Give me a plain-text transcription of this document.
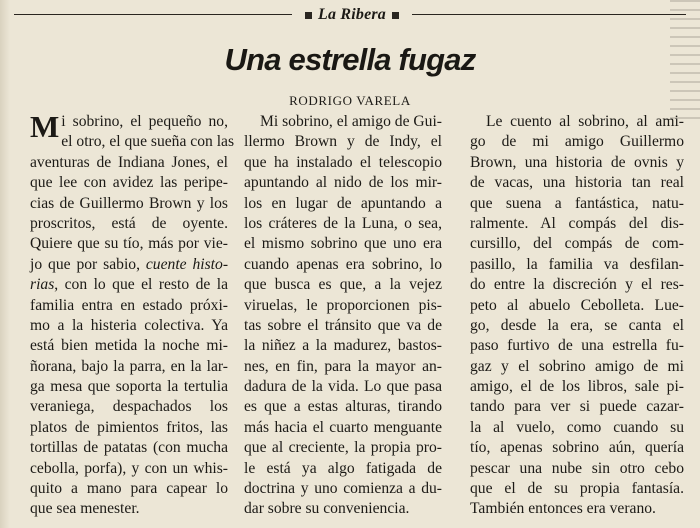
La Ribera
Una estrella fugaz
RODRIGO VARELA
M i sobrino, el pequeño no,
el otro, el que sueña con las
aventuras de Indiana Jones, el
que lee con avidez las peripe-
cias de Guillermo Brown y los
proscritos, está de oyente.
Quiere que su tío, más por vie-
jo que por sabio, cuente histo-
rias, con lo que el resto de la
familia entra en estado próxi-
mo a la histeria colectiva. Ya
está bien metida la noche mi-
ñorana, bajo la parra, en la lar-
ga mesa que soporta la tertulia
veraniega, despachados los
platos de pimientos fritos, las
tortillas de patatas (con mucha
cebolla, porfa), y con un whis-
quito a mano para capear lo
que sea menester.
Mi sobrino, el amigo de Gui-
llermo Brown y de Indy, el
que ha instalado el telescopio
apuntando al nido de los mir-
los en lugar de apuntando a
los cráteres de la Luna, o sea,
el mismo sobrino que uno era
cuando apenas era sobrino, lo
que busca es que, a la vejez
viruelas, le proporcionen pis-
tas sobre el tránsito que va de
la niñez a la madurez, bastos-
nes, en fin, para la mayor an-
dadura de la vida. Lo que pasa
es que a estas alturas, tirando
más hacia el cuarto menguante
que al creciente, la propia pro-
le está ya algo fatigada de
doctrina y uno comienza a du-
dar sobre su conveniencia.
Le cuento al sobrino, al ami-
go de mi amigo Guillermo
Brown, una historia de ovnis y
de vacas, una historia tan real
que suena a fantástica, natu-
ralmente. Al compás del dis-
cursillo, del compás de com-
pasillo, la familia va desfilan-
do entre la discreción y el res-
peto al abuelo Cebolleta. Lue-
go, desde la era, se canta el
paso furtivo de una estrella fu-
gaz y el sobrino amigo de mi
amigo, el de los libros, sale pi-
tando para ver si puede cazar-
la al vuelo, como cuando su
tío, apenas sobrino aún, quería
pescar una nube sin otro cebo
que el de su propia fantasía.
También entonces era verano.
